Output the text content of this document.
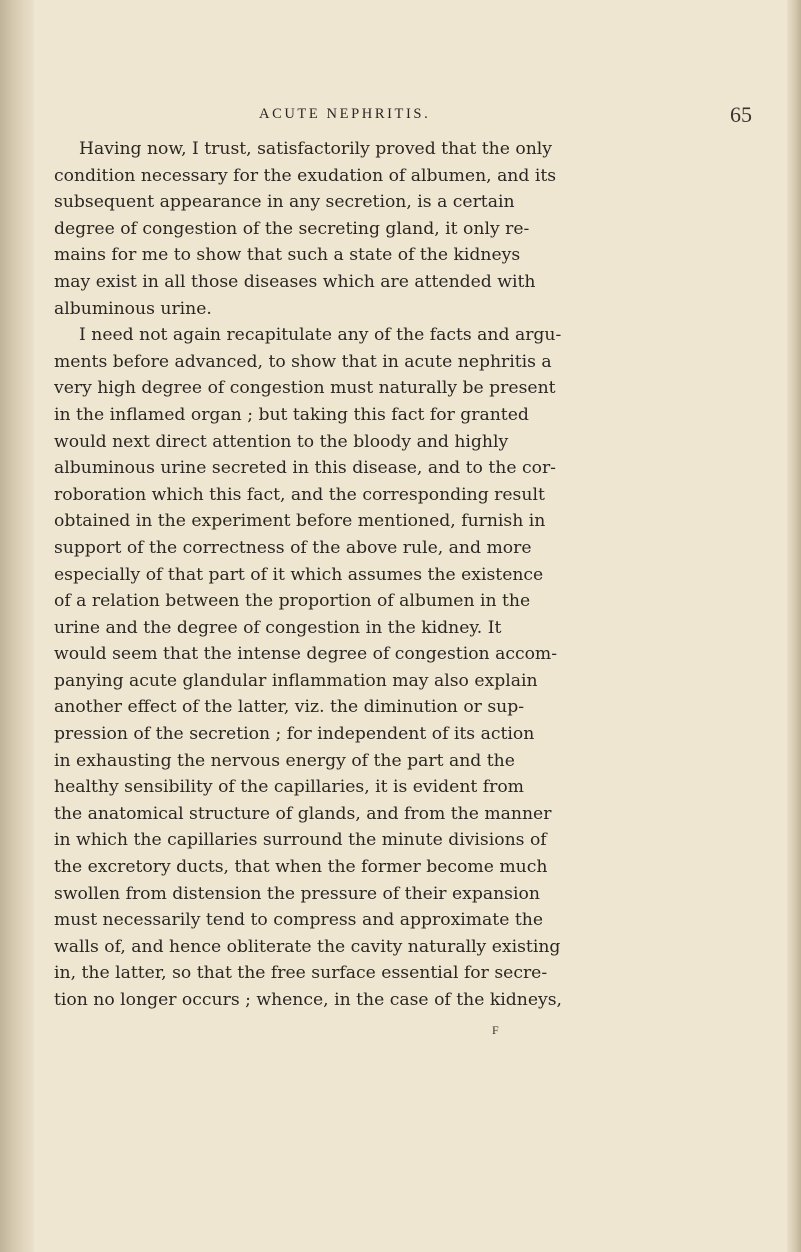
ACUTE NEPHRITIS.	65

Having now, I trust, satisfactorily proved that the only

condition necessary for the exudation of albumen, and its

subsequent appearance in any secretion, is a certain

degree of congestion of the secreting gland, it only re-

mains for me to show that such a state of the kidneys

may exist in all those diseases which are attended with

albuminous urine.

I need not again recapitulate any of the facts and argu-

ments before advanced, to show that in acute nephritis a

very high degree of congestion must naturally be present

in the inflamed organ ; but taking this fact for granted

would next direct attention to the bloody and highly

albuminous urine secreted in this disease, and to the cor-

roboration which this fact, and the corresponding result

obtained in the experiment before mentioned, furnish in

support of the correctness of the above rule, and more

especially of that part of it which assumes the existence

of a relation between the proportion of albumen in the

urine and the degree of congestion in the kidney. It

would seem that the intense degree of congestion accom-

panying acute glandular inflammation may also explain

another effect of the latter, viz. the diminution or sup-

pression of the secretion ; for independent of its action

in exhausting the nervous energy of the part and the

healthy sensibility of the capillaries, it is evident from

the anatomical structure of glands, and from the manner

in which the capillaries surround the minute divisions of

the excretory ducts, that when the former become much

swollen from distension the pressure of their expansion

must necessarily tend to compress and approximate the

walls of, and hence obliterate the cavity naturally existing

in, the latter, so that the free surface essential for secre-

tion no longer occurs ; whence, in the case of the kidneys,

F
